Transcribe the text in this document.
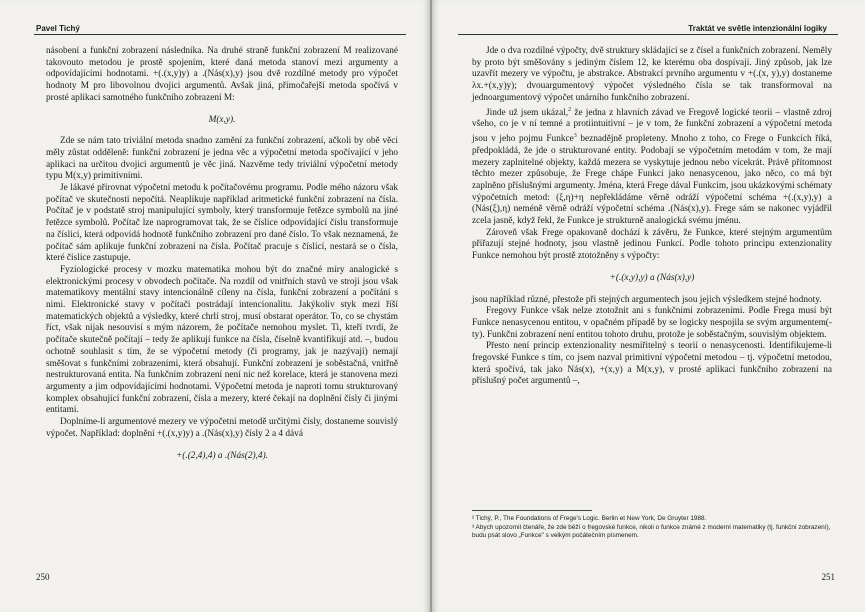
Pavel Tichý

násobení a funkční zobrazení následníka. Na druhé straně funkční zobrazení M realizované takovouto metodou je prostě spojením, které daná metoda stanoví mezi argumenty a odpovídajícími hodnotami. +(.(x,y)y) a .(Nás(x),y) jsou dvě rozdílné metody pro výpočet hodnoty M pro libovolnou dvojici argumentů. Avšak jiná, přímočařejší metoda spočívá v prosté aplikaci samotného funkčního zobrazení M:

M(x,y).

Zde se nám tato triviální metoda snadno zamění za funkční zobrazení, ačkoli by obě věci měly zůstat odděleně: funkční zobrazení je jedna věc a výpočetní metoda spočívající v jeho aplikaci na určitou dvojici argumentů je věc jiná. Nazvěme tedy triviální výpočetní metody typu M(x,y) primitivními.

Je lákavé přirovnat výpočetní metodu k počítačovému programu. Podle mého názoru však počítač ve skutečnosti nepočítá. Neaplikuje například aritmetické funkční zobrazení na čísla. Počítač je v podstatě stroj manipulující symboly, který transformuje řetězce symbolů na jiné řetězce symbolů. Počítač lze naprogramovat tak, že se číslice odpovídající číslu transformuje na číslici, která odpovídá hodnotě funkčního zobrazení pro dané číslo. To však neznamená, že počítač sám aplikuje funkční zobrazení na čísla. Počítač pracuje s číslicí, nestará se o čísla, které číslice zastupuje.

Fyziologické procesy v mozku matematika mohou být do značné míry analogické s elektronickými procesy v obvodech počítače. Na rozdíl od vnitřních stavů ve stroji jsou však matematikovy mentální stavy intencionálně cíleny na čísla, funkční zobrazení a počítání s nimi. Elektronické stavy v počítači postrádají intencionalitu. Jakýkoliv styk mezi říší matematických objektů a výsledky, které chrlí stroj, musí obstarat operátor. To, co se chystám říct, však nijak nesouvisí s mým názorem, že počítače nemohou myslet. Ti, kteří tvrdí, že počítače skutečně počítají – tedy že aplikují funkce na čísla, číselně kvantifikují atd. –, budou ochotně souhlasit s tím, že se výpočetní metody (či programy, jak je nazývají) nemají směšovat s funkčními zobrazeními, která obsahují. Funkční zobrazení je soběstačná, vnitřně nestrukturovaná entita. Na funkčním zobrazení není nic než korelace, která je stanovena mezi argumenty a jim odpovídajícími hodnotami. Výpočetní metoda je naproti tomu strukturovaný komplex obsahující funkční zobrazení, čísla a mezery, které čekají na doplnění čísly či jinými entitami.

Doplníme-li argumentové mezery ve výpočetní metodě určitými čísly, dostaneme souvislý výpočet. Například: doplnění +(.(x,y)y) a .(Nás(x),y) čísly 2 a 4 dává

+(.(2,4),4) a .(Nás(2),4).
250
Traktát ve světle intenzionální logiky

Jde o dva rozdílné výpočty, dvě struktury skládající se z čísel a funkčních zobrazení. Neměly by proto být směšovány s jediným číslem 12, ke kterému oba dospívají. Jiný způsob, jak lze uzavřít mezery ve výpočtu, je abstrakce. Abstrakcí prvního argumentu v +(.(x, y),y) dostaneme λx.+(x,y)y); dvouargumentový výpočet výsledného čísla se tak transformoval na jednoargumentový výpočet unárního funkčního zobrazení.

Jinde už jsem ukázal,$^2$ že jedna z hlavních závad ve Fregově logické teorii – vlastně zdroj všeho, co je v ní temné a protiintuitivní – je v tom, že funkční zobrazení a výpočetní metoda jsou v jeho pojmu Funkce$^3$ beznadějně propleteny. Mnoho z toho, co Frege o Funkcích říká, předpokládá, že jde o strukturované entity. Podobají se výpočetním metodám v tom, že mají mezery zaplnitelné objekty, každá mezera se vyskytuje jednou nebo vícekrát. Právě přítomnost těchto mezer způsobuje, že Frege chápe Funkci jako nenasycenou, jako něco, co má být zaplněno příslušnými argumenty. Jména, která Frege dával Funkcím, jsou ukázkovými schématy výpočetních metod: (ξ,η)+η nepřekládáme věrně odráží výpočetní schéma +(.(x,y),y) a (Nás(ξ),η) neméně věrně odráží výpočetní schéma .(Nás(x),y). Frege sám se nakonec vyjádřil zcela jasně, když řekl, že Funkce je strukturně analogická svému jménu.

Zároveň však Frege opakovaně dochází k závěru, že Funkce, které stejným argumentům přiřazují stejné hodnoty, jsou vlastně jedinou Funkcí. Podle tohoto principu extenzionality Funkce nemohou být prostě ztotožněny s výpočty:

+(.(x,y),y) a (Nás(x),y)

jsou například různé, přestože při stejných argumentech jsou jejich výsledkem stejné hodnoty.

Fregovy Funkce však nelze ztotožnit ani s funkčními zobrazeními. Podle Frega musí být Funkce nenasycenou entitou, v opačném případě by se logicky nespojila se svým argumentem(-ty). Funkční zobrazení není entitou tohoto druhu, protože je soběstačným, souvislým objektem.

Přesto není princip extenzionality nesmiřitelný s teorií o nenasycenosti. Identifikujeme-li fregovské Funkce s tím, co jsem nazval primitivní výpočetní metodou – tj. výpočetní metodou, která spočívá, tak jako Nás(x), +(x,y) a M(x,y), v prosté aplikaci funkčního zobrazení na příslušný počet argumentů –,

² Tichý, P., The Foundations of Frege's Logic. Berlin et New York, De Gruyter 1988.

³ Abych upozornil čtenáře, že zde běží o fregovské funkce, nikoli o funkce známé z moderní matematiky (tj. funkční zobrazení), budu psát slovo „Funkce" s velkým počátečním písmenem.

251
